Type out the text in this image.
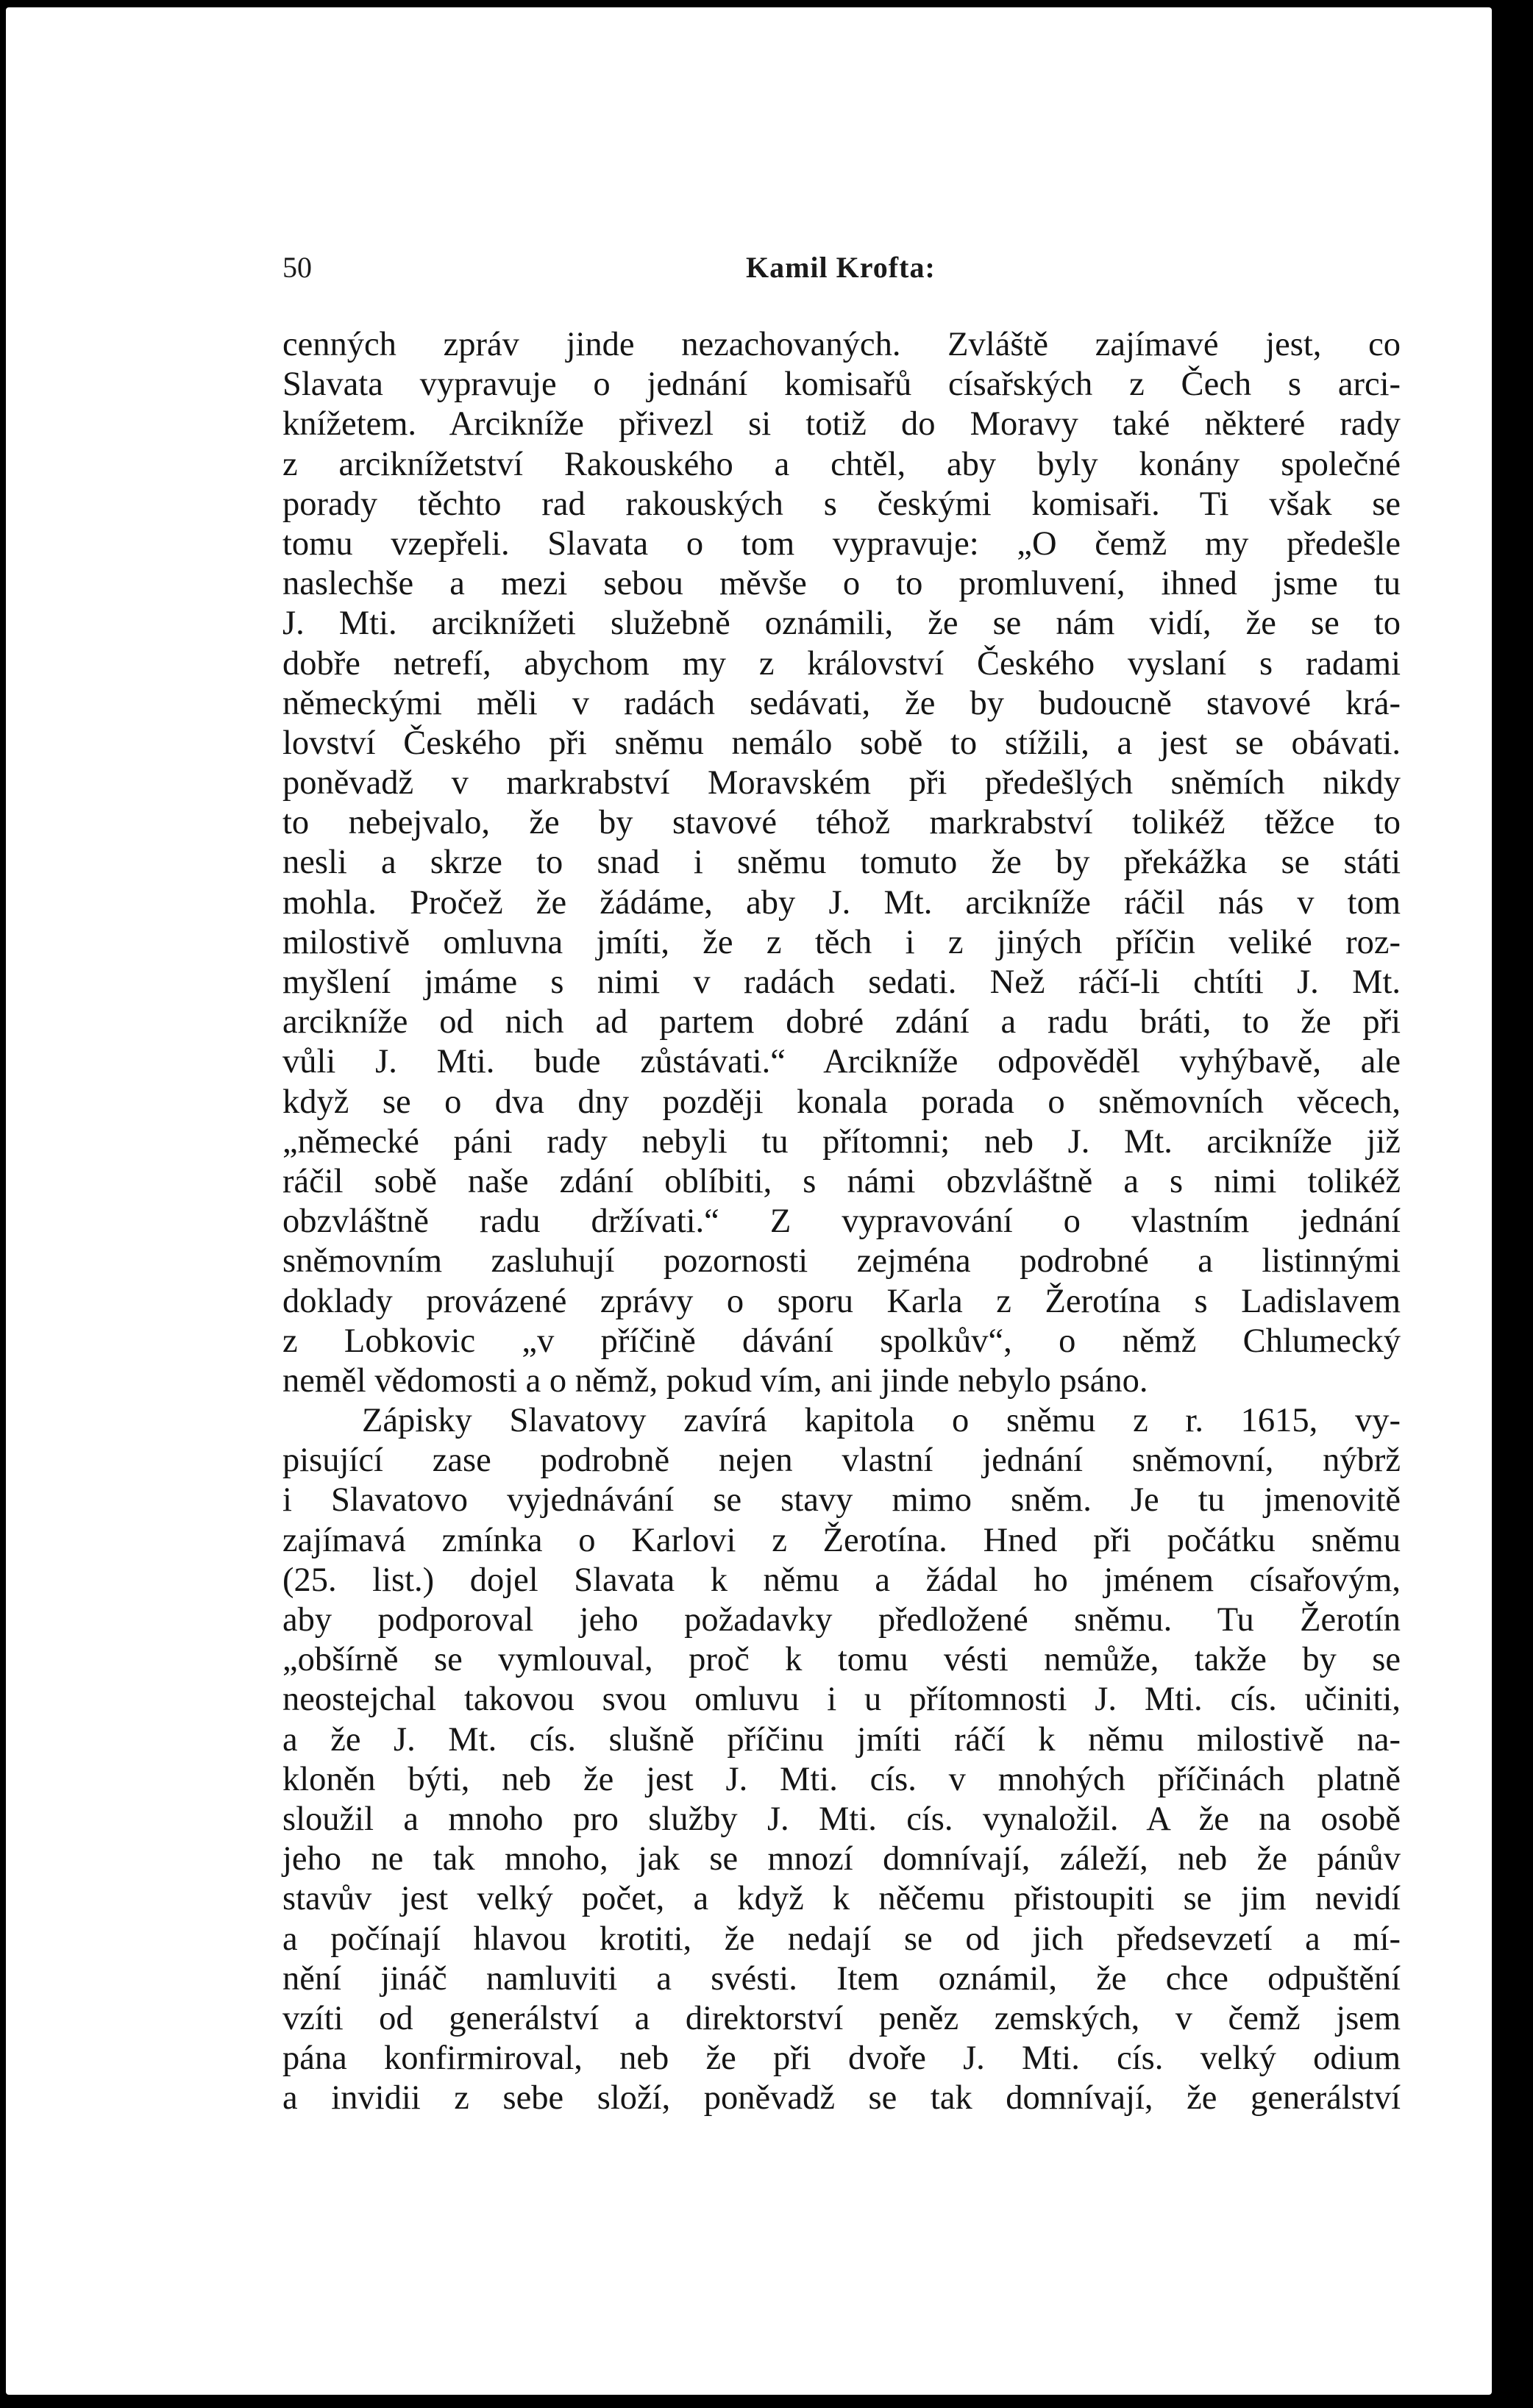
50	Kamil Krofta:
cenných zpráv jinde nezachovaných. Zvláště zajímavé jest, co
Slavata vypravuje o jednání komisařů císařských z Čech s arci-
knížetem. Arcikníže přivezl si totiž do Moravy také některé rady
z arciknížetství Rakouského a chtěl, aby byly konány společné
porady těchto rad rakouských s českými komisaři. Ti však se
tomu vzepřeli. Slavata o tom vypravuje: „O čemž my předešle
naslechše a mezi sebou měvše o to promluvení, ihned jsme tu
J. Mti. arciknížeti služebně oznámili, že se nám vidí, že se to
dobře netrefí, abychom my z království Českého vyslaní s radami
německými měli v radách sedávati, že by budoucně stavové krá-
lovství Českého při sněmu nemálo sobě to stížili, a jest se obávati.
poněvadž v markrabství Moravském při předešlých sněmích nikdy
to nebejvalo, že by stavové téhož markrabství tolikéž těžce to
nesli a skrze to snad i sněmu tomuto že by překážka se státi
mohla. Pročež že žádáme, aby J. Mt. arcikníže ráčil nás v tom
milostivě omluvna jmíti, že z těch i z jiných příčin veliké roz-
myšlení jmáme s nimi v radách sedati. Než ráčí-li chtíti J. Mt.
arcikníže od nich ad partem dobré zdání a radu bráti, to že při
vůli J. Mti. bude zůstávati.“ Arcikníže odpověděl vyhýbavě, ale
když se o dva dny později konala porada o sněmovních věcech,
„německé páni rady nebyli tu přítomni; neb J. Mt. arcikníže již
ráčil sobě naše zdání oblíbiti, s námi obzvláštně a s nimi tolikéž
obzvláštně radu držívati.“ Z vypravování o vlastním jednání
sněmovním zasluhují pozornosti zejména podrobné a listinnými
doklady provázené zprávy o sporu Karla z Žerotína s Ladislavem
z Lobkovic „v příčině dávání spolkův“, o němž Chlumecký
neměl vědomosti a o němž, pokud vím, ani jinde nebylo psáno.
Zápisky Slavatovy zavírá kapitola o sněmu z r. 1615, vy-
pisující zase podrobně nejen vlastní jednání sněmovní, nýbrž
i Slavatovo vyjednávání se stavy mimo sněm. Je tu jmenovitě
zajímavá zmínka o Karlovi z Žerotína. Hned při počátku sněmu
(25. list.) dojel Slavata k němu a žádal ho jménem císařovým,
aby podporoval jeho požadavky předložené sněmu. Tu Žerotín
„obšírně se vymlouval, proč k tomu vésti nemůže, takže by se
neostejchal takovou svou omluvu i u přítomnosti J. Mti. cís. učiniti,
a že J. Mt. cís. slušně příčinu jmíti ráčí k němu milostivě na-
kloněn býti, neb že jest J. Mti. cís. v mnohých příčinách platně
sloužil a mnoho pro služby J. Mti. cís. vynaložil. A že na osobě
jeho ne tak mnoho, jak se mnozí domnívají, záleží, neb že pánův
stavův jest velký počet, a když k něčemu přistoupiti se jim nevidí
a počínají hlavou krotiti, že nedají se od jich předsevzetí a mí-
nění jináč namluviti a svésti. Item oznámil, že chce odpuštění
vzíti od generálství a direktorství peněz zemských, v čemž jsem
pána konfirmiroval, neb že při dvoře J. Mti. cís. velký odium
a invidii z sebe složí, poněvadž se tak domnívají, že generálství
